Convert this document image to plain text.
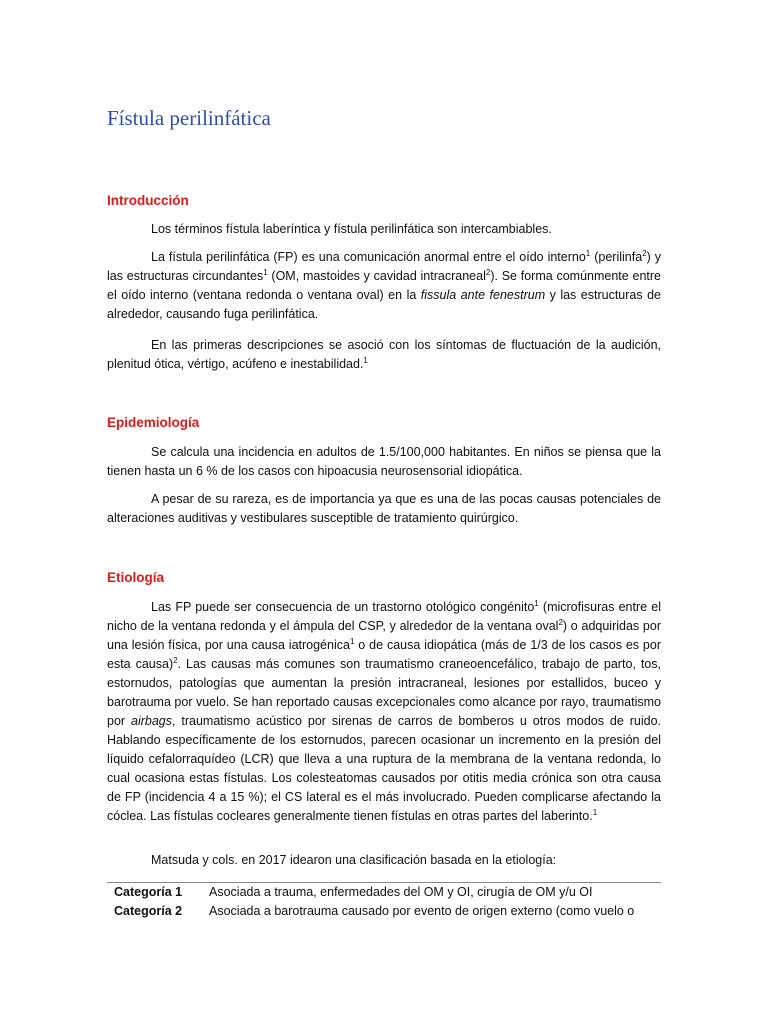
Fístula perilinfática
Introducción

Los términos fístula laberíntica y fístula perilinfática son intercambiables.

La fístula perilinfática (FP) es una comunicación anormal entre el oído interno$^1$ (perilinfa$^2$) y las estructuras circundantes$^1$ (OM, mastoides y cavidad intracraneal$^2$). Se forma comúnmente entre el oído interno (ventana redonda o ventana oval) en la fissula ante fenestrum y las estructuras de alrededor, causando fuga perilinfática.

En las primeras descripciones se asoció con los síntomas de fluctuación de la audición, plenitud ótica, vértigo, acúfeno e inestabilidad.$^1$

Epidemiología

Se calcula una incidencia en adultos de 1.5/100,000 habitantes. En niños se piensa que la tienen hasta un 6 % de los casos con hipoacusia neurosensorial idiopática.

A pesar de su rareza, es de importancia ya que es una de las pocas causas potenciales de alteraciones auditivas y vestibulares susceptible de tratamiento quirúrgico.

Etiología

Las FP puede ser consecuencia de un trastorno otológico congénito$^1$ (microfisuras entre el nicho de la ventana redonda y el ámpula del CSP, y alrededor de la ventana oval$^2$) o adquiridas por una lesión física, por una causa iatrogénica$^1$ o de causa idiopática (más de 1/3 de los casos es por esta causa)$^2$. Las causas más comunes son traumatismo craneoencefálico, trabajo de parto, tos, estornudos, patologías que aumentan la presión intracraneal, lesiones por estallidos, buceo y barotrauma por vuelo. Se han reportado causas excepcionales como alcance por rayo, traumatismo por airbags, traumatismo acústico por sirenas de carros de bomberos u otros modos de ruido. Hablando específicamente de los estornudos, parecen ocasionar un incremento en la presión del líquido cefalorraquídeo (LCR) que lleva a una ruptura de la membrana de la ventana redonda, lo cual ocasiona estas fístulas. Los colesteatomas causados por otitis media crónica son otra causa de FP (incidencia 4 a 15 %); el CS lateral es el más involucrado. Pueden complicarse afectando la cóclea. Las fístulas cocleares generalmente tienen fístulas en otras partes del laberinto.$^1$

Matsuda y cols. en 2017 idearon una clasificación basada en la etiología:

Categoría 1	Asociada a trauma, enfermedades del OM y OI, cirugía de OM y/u OI
Categoría 2	Asociada a barotrauma causado por evento de origen externo (como vuelo o
